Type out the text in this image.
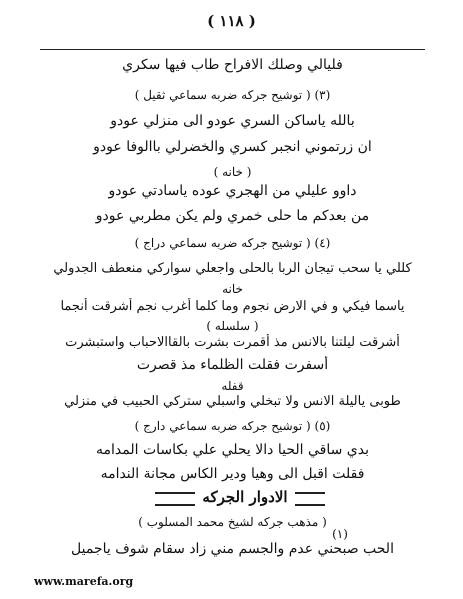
( ١١٨ )
فليالي وصلك الافراح طاب فيها سكري
(٣) ( توشيح جركه ضربه سماعي ثقيل )
بالله ياساكن السري عودو الى منزلي عودو
ان زرتموني انجبر كسري والخضرلي باالوفا عودو
( خانه )
داوو عليلي من الهجري عوده ياسادتي عودو
من بعدكم ما حلى خمري ولم يكن مطربي عودو
(٤) ( توشيح جركه ضربه سماعي دراج )
كللي يا سحب تيجان الربا بالحلى واجعلي سواركي منعطف الجدولي
خانه
ياسما فيكي و في الارض نجوم وما كلما أغرب نجم أشرقت أنجما
( سلسله )
أشرقت ليلتنا بالانس مذ أقمرت بشرت بالقاالاحباب واستبشرت
أسفرت فقلت الظلماء مذ قصرت
قفله
طوبى ياليلة الانس ولا تبخلي واسبلي ستركي الحبيب في منزلي
(٥) ( توشيح جركه ضربه سماعي دارج )
بدي ساقي الحيا دالا يحلي علي بكاسات المدامه
فقلت اقبل الى وهيا ودير الكاس مجانة الندامه
الادوار الجركه
( مذهب جركه لشيخ محمد المسلوب )
(١)
الحب صبحني عدم والجسم مني زاد سقام شوف ياجميل
www.marefa.org
